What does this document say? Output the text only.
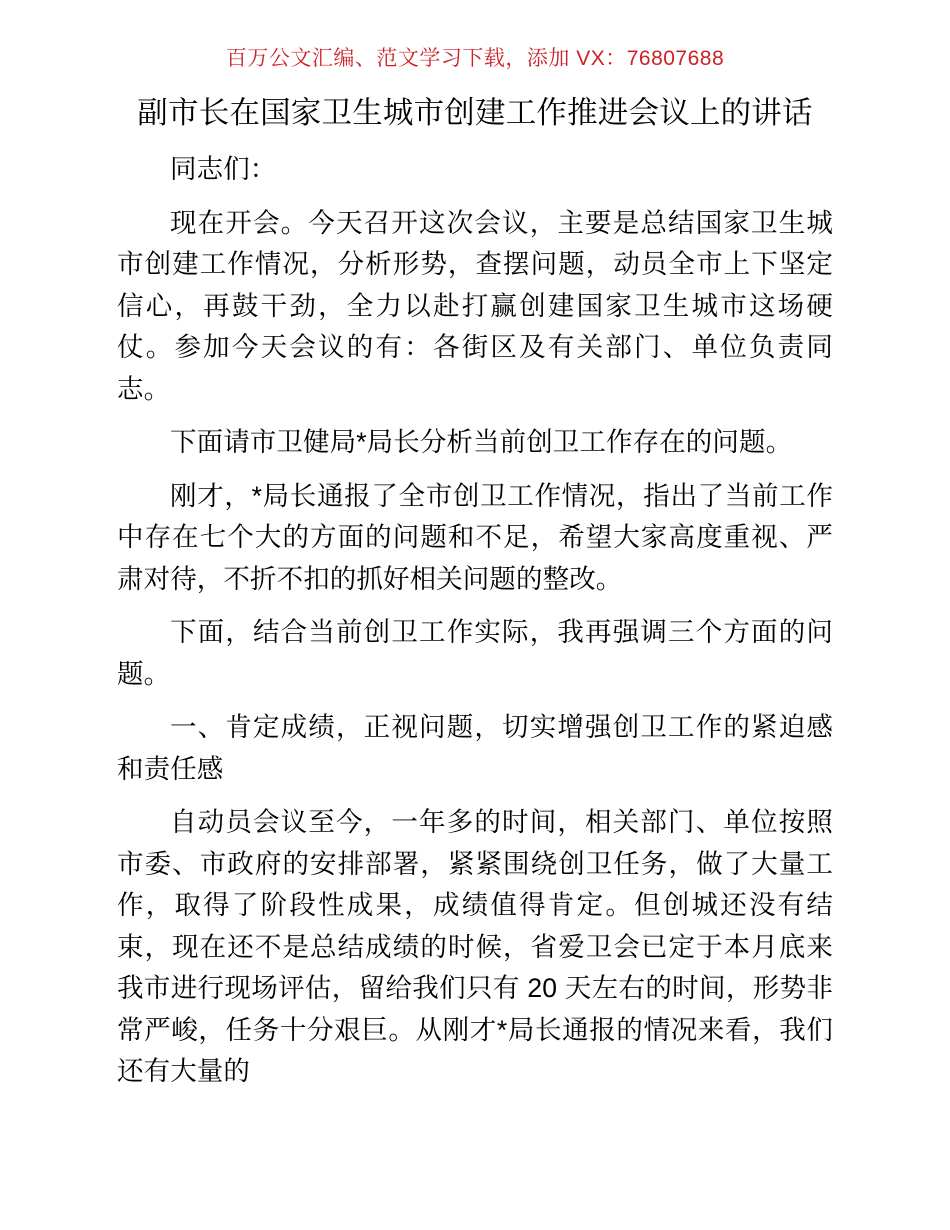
百万公文汇编、范文学习下载，添加 VX：76807688
副市长在国家卫生城市创建工作推进会议上的讲话

同志们：

现在开会。今天召开这次会议，主要是总结国家卫生城市创建工作情况，分析形势，查摆问题，动员全市上下坚定信心，再鼓干劲，全力以赴打赢创建国家卫生城市这场硬仗。参加今天会议的有：各街区及有关部门、单位负责同志。

下面请市卫健局*局长分析当前创卫工作存在的问题。

刚才，*局长通报了全市创卫工作情况，指出了当前工作中存在七个大的方面的问题和不足，希望大家高度重视、严肃对待，不折不扣的抓好相关问题的整改。

下面，结合当前创卫工作实际，我再强调三个方面的问题。

一、肯定成绩，正视问题，切实增强创卫工作的紧迫感和责任感

自动员会议至今，一年多的时间，相关部门、单位按照市委、市政府的安排部署，紧紧围绕创卫任务，做了大量工作，取得了阶段性成果，成绩值得肯定。但创城还没有结束，现在还不是总结成绩的时候，省爱卫会已定于本月底来我市进行现场评估，留给我们只有 20 天左右的时间，形势非常严峻，任务十分艰巨。从刚才*局长通报的情况来看，我们还有大量的
